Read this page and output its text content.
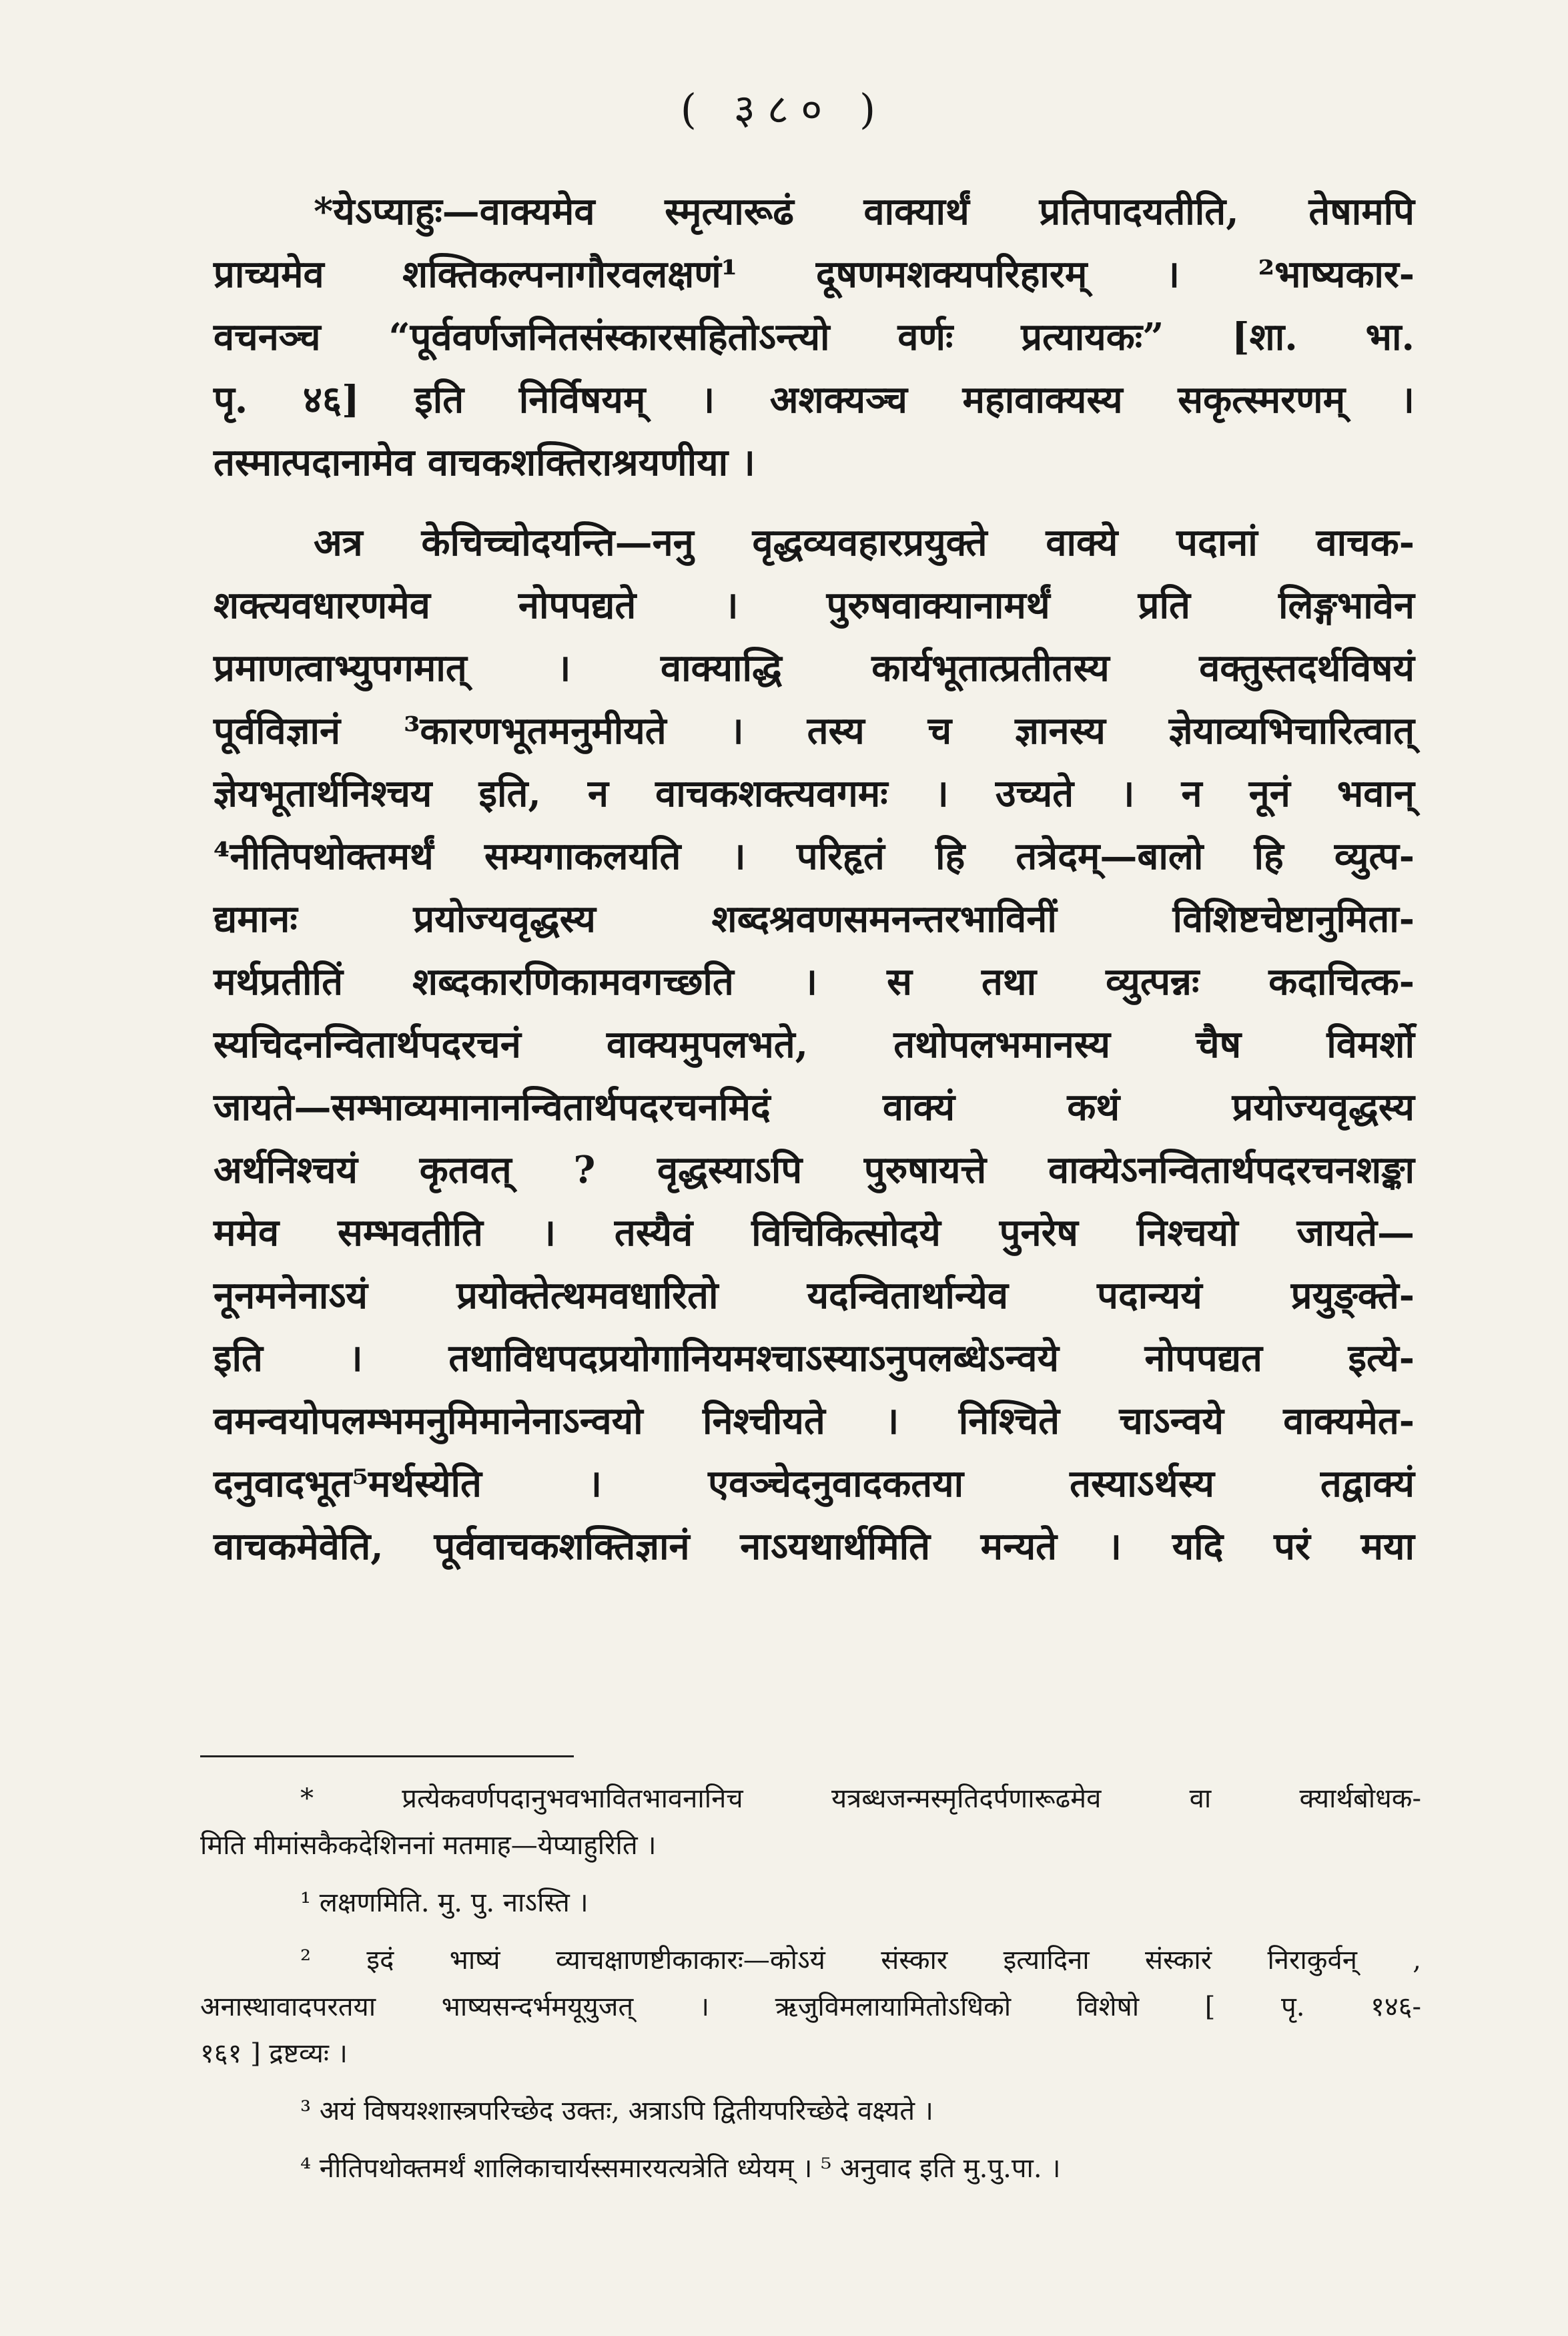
( ३८० )

*येऽप्याहुः—वाक्यमेव स्मृत्यारूढं वाक्यार्थं प्रतिपादयतीति, तेषामपि
प्राच्यमेव शक्तिकल्पनागौरवलक्षणं¹ दूषणमशक्यपरिहारम् । ²भाष्यकार-
वचनञ्च “पूर्ववर्णजनितसंस्कारसहितोऽन्त्यो वर्णः प्रत्यायकः” [शा. भा.
पृ. ४६] इति निर्विषयम् । अशक्यञ्च महावाक्यस्य सकृत्स्मरणम् ।
तस्मात्पदानामेव वाचकशक्तिराश्रयणीया ।

अत्र केचिच्चोदयन्ति—ननु वृद्धव्यवहारप्रयुक्ते वाक्ये पदानां वाचक-
शक्त्यवधारणमेव नोपपद्यते । पुरुषवाक्यानामर्थं प्रति लिङ्गभावेन
प्रमाणत्वाभ्युपगमात् । वाक्याद्धि कार्यभूतात्प्रतीतस्य वक्तुस्तदर्थविषयं
पूर्वविज्ञानं ³कारणभूतमनुमीयते । तस्य च ज्ञानस्य ज्ञेयाव्यभिचारित्वात्
ज्ञेयभूतार्थनिश्चय इति, न वाचकशक्त्यवगमः । उच्यते । न नूनं भवान्
⁴नीतिपथोक्तमर्थं सम्यगाकलयति । परिहृतं हि तत्रेदम्—बालो हि व्युत्प-
द्यमानः प्रयोज्यवृद्धस्य शब्दश्रवणसमनन्तरभाविनीं विशिष्टचेष्टानुमिता-
मर्थप्रतीतिं शब्दकारणिकामवगच्छति । स तथा व्युत्पन्नः कदाचित्क-
स्यचिदनन्वितार्थपदरचनं वाक्यमुपलभते, तथोपलभमानस्य चैष विमर्शो
जायते—सम्भाव्यमानानन्वितार्थपदरचनमिदं वाक्यं कथं प्रयोज्यवृद्धस्य
अर्थनिश्चयं कृतवत् ? वृद्धस्याऽपि पुरुषायत्ते वाक्येऽनन्वितार्थपदरचनशङ्का
ममेव सम्भवतीति । तस्यैवं विचिकित्सोदये पुनरेष निश्चयो जायते—
नूनमनेनाऽयं प्रयोक्तेत्थमवधारितो यदन्वितार्थान्येव पदान्ययं प्रयुङ्क्ते-
इति । तथाविधपदप्रयोगानियमश्चाऽस्याऽनुपलब्धेऽन्वये नोपपद्यत इत्ये-
वमन्वयोपलम्भमनुमिमानेनाऽन्वयो निश्चीयते । निश्चिते चाऽन्वये वाक्यमेत-
दनुवादभूत⁵मर्थस्येति । एवञ्चेदनुवादकतया तस्याऽर्थस्य तद्वाक्यं
वाचकमेवेति, पूर्ववाचकशक्तिज्ञानं नाऽयथार्थमिति मन्यते । यदि परं मया

* प्रत्येकवर्णपदानुभवभावितभावनानिच यत्रब्धजन्मस्मृतिदर्पणारूढमेव वा क्यार्थबोधक-
मिति मीमांसकैकदेशिननां मतमाह—येप्याहुरिति ।

¹ लक्षणमिति. मु. पु. नाऽस्ति ।

² इदं भाष्यं व्याचक्षाणष्टीकाकारः—कोऽयं संस्कार इत्यादिना संस्कारं निराकुर्वन् ,
अनास्थावादपरतया भाष्यसन्दर्भमयूयुजत् । ऋजुविमलायामितोऽधिको विशेषो [ पृ. १४६-
१६१ ] द्रष्टव्यः ।

³ अयं विषयश्शास्त्रपरिच्छेद उक्तः, अत्राऽपि द्वितीयपरिच्छेदे वक्ष्यते ।

⁴ नीतिपथोक्तमर्थं शालिकाचार्यस्समारयत्यत्रेति ध्येयम् । ⁵ अनुवाद इति मु.पु.पा. ।
